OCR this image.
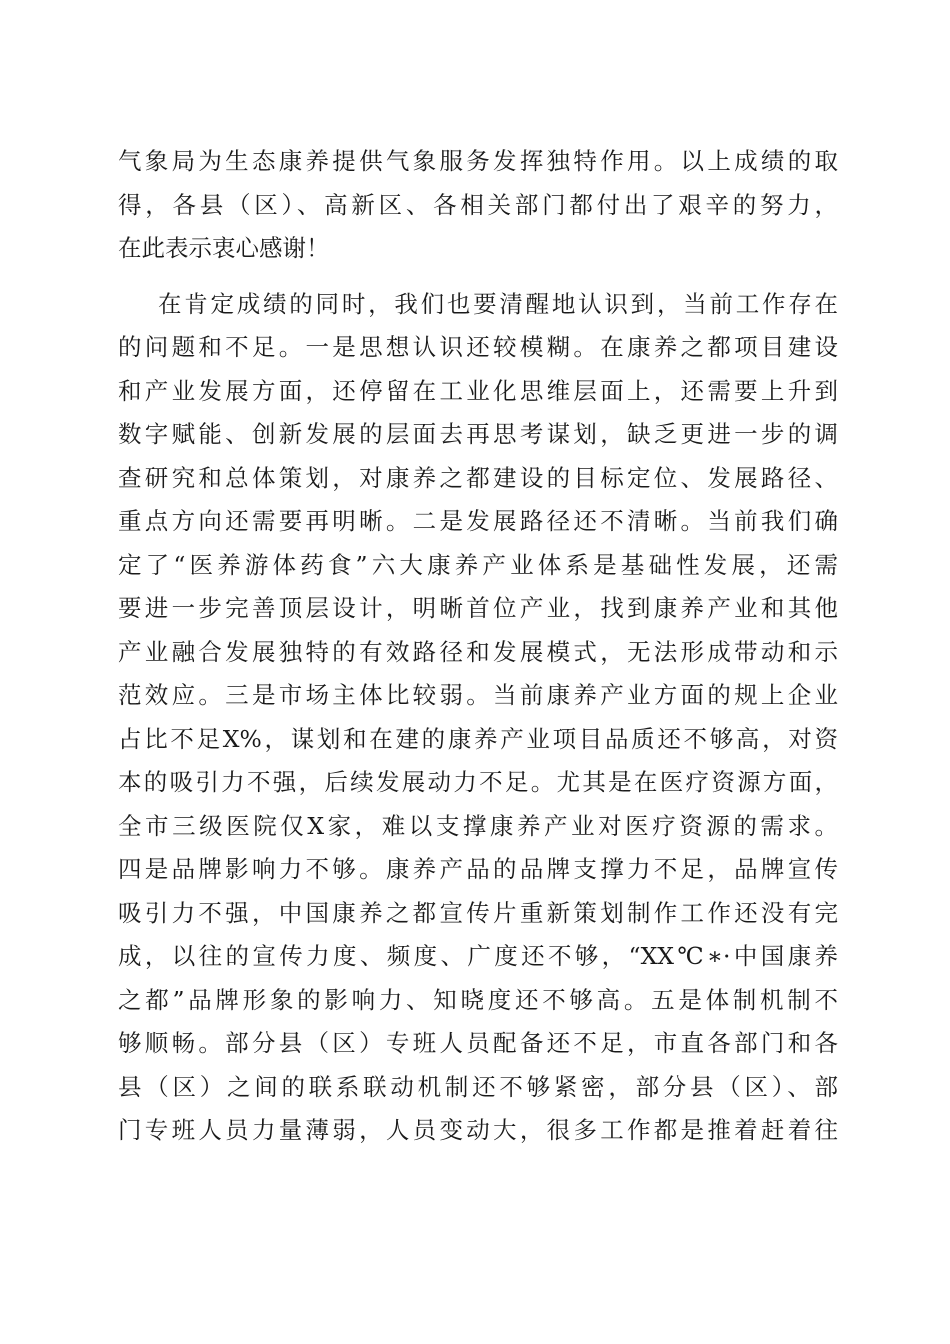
气象局为生态康养提供气象服务发挥独特作用。以上成绩的取
得，各县（区）、高新区、各相关部门都付出了艰辛的努力，
在此表示衷心感谢！
在肯定成绩的同时，我们也要清醒地认识到，当前工作存在
的问题和不足。一是思想认识还较模糊。在康养之都项目建设
和产业发展方面，还停留在工业化思维层面上，还需要上升到
数字赋能、创新发展的层面去再思考谋划，缺乏更进一步的调
查研究和总体策划，对康养之都建设的目标定位、发展路径、
重点方向还需要再明晰。二是发展路径还不清晰。当前我们确
定了“医养游体药食”六大康养产业体系是基础性发展，还需
要进一步完善顶层设计，明晰首位产业，找到康养产业和其他
产业融合发展独特的有效路径和发展模式，无法形成带动和示
范效应。三是市场主体比较弱。当前康养产业方面的规上企业
占比不足X%，谋划和在建的康养产业项目品质还不够高，对资
本的吸引力不强，后续发展动力不足。尤其是在医疗资源方面，
全市三级医院仅X家，难以支撑康养产业对医疗资源的需求。
四是品牌影响力不够。康养产品的品牌支撑力不足，品牌宣传
吸引力不强，中国康养之都宣传片重新策划制作工作还没有完
成，以往的宣传力度、频度、广度还不够，“XX℃∗·中国康养
之都”品牌形象的影响力、知晓度还不够高。五是体制机制不
够顺畅。部分县（区）专班人员配备还不足，市直各部门和各
县（区）之间的联系联动机制还不够紧密，部分县（区）、部
门专班人员力量薄弱，人员变动大，很多工作都是推着赶着往
